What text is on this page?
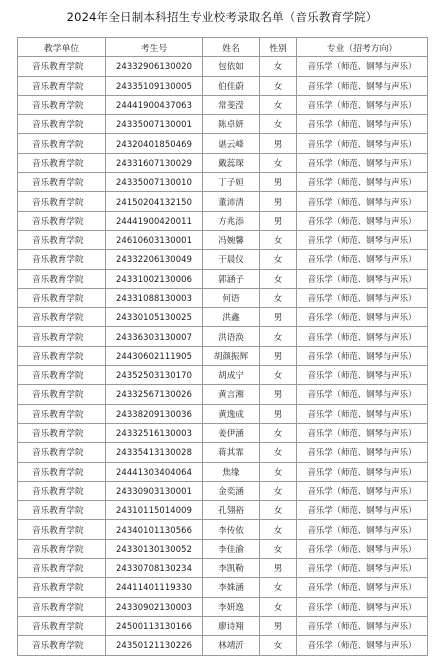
2024年全日制本科招生专业校考录取名单（音乐教育学院）
教学单位	考生号	姓名	性别	专业（招考方向）
音乐教育学院	24332906130020	包依如	女	音乐学（师范、钢琴与声乐）
音乐教育学院	24335109130005	伯佳蔚	女	音乐学（师范、钢琴与声乐）
音乐教育学院	24441900437063	常斐滢	女	音乐学（师范、钢琴与声乐）
音乐教育学院	24335007130001	陈卓妍	女	音乐学（师范、钢琴与声乐）
音乐教育学院	24320401850469	谌云峰	男	音乐学（师范、钢琴与声乐）
音乐教育学院	24331607130029	戴蕊琛	女	音乐学（师范、钢琴与声乐）
音乐教育学院	24335007130010	丁子姮	男	音乐学（师范、钢琴与声乐）
音乐教育学院	24150204132150	董沛清	男	音乐学（师范、钢琴与声乐）
音乐教育学院	24441900420011	方兆添	男	音乐学（师范、钢琴与声乐）
音乐教育学院	24610603130001	冯婉馨	女	音乐学（师范、钢琴与声乐）
音乐教育学院	24332206130049	干晨仪	女	音乐学（师范、钢琴与声乐）
音乐教育学院	24331002130006	郭涵子	女	音乐学（师范、钢琴与声乐）
音乐教育学院	24331088130003	何语	女	音乐学（师范、钢琴与声乐）
音乐教育学院	24330105130025	洪鑫	男	音乐学（师范、钢琴与声乐）
音乐教育学院	24336303130007	洪语涣	女	音乐学（师范、钢琴与声乐）
音乐教育学院	24430602111905	胡颜振辉	男	音乐学（师范、钢琴与声乐）
音乐教育学院	24352503130170	胡成宁	女	音乐学（师范、钢琴与声乐）
音乐教育学院	24332567130026	黄言湘	男	音乐学（师范、钢琴与声乐）
音乐教育学院	24338209130036	黄逸成	男	音乐学（师范、钢琴与声乐）
音乐教育学院	24332516130003	姜伊涵	女	音乐学（师范、钢琴与声乐）
音乐教育学院	24335413130028	蒋其霏	女	音乐学（师范、钢琴与声乐）
音乐教育学院	24441303404064	焦缘	女	音乐学（师范、钢琴与声乐）
音乐教育学院	24330903130001	金奕涵	女	音乐学（师范、钢琴与声乐）
音乐教育学院	24310115014009	孔翎裕	女	音乐学（师范、钢琴与声乐）
音乐教育学院	24340101130566	李传依	女	音乐学（师范、钢琴与声乐）
音乐教育学院	24330130130052	李佳渝	女	音乐学（师范、钢琴与声乐）
音乐教育学院	24330708130234	李凯勒	男	音乐学（师范、钢琴与声乐）
音乐教育学院	24411401119330	李姝涵	女	音乐学（师范、钢琴与声乐）
音乐教育学院	24330902130003	李妍逸	女	音乐学（师范、钢琴与声乐）
音乐教育学院	24500113130166	廖诗翔	男	音乐学（师范、钢琴与声乐）
音乐教育学院	24350121130226	林靖沂	女	音乐学（师范、钢琴与声乐）
